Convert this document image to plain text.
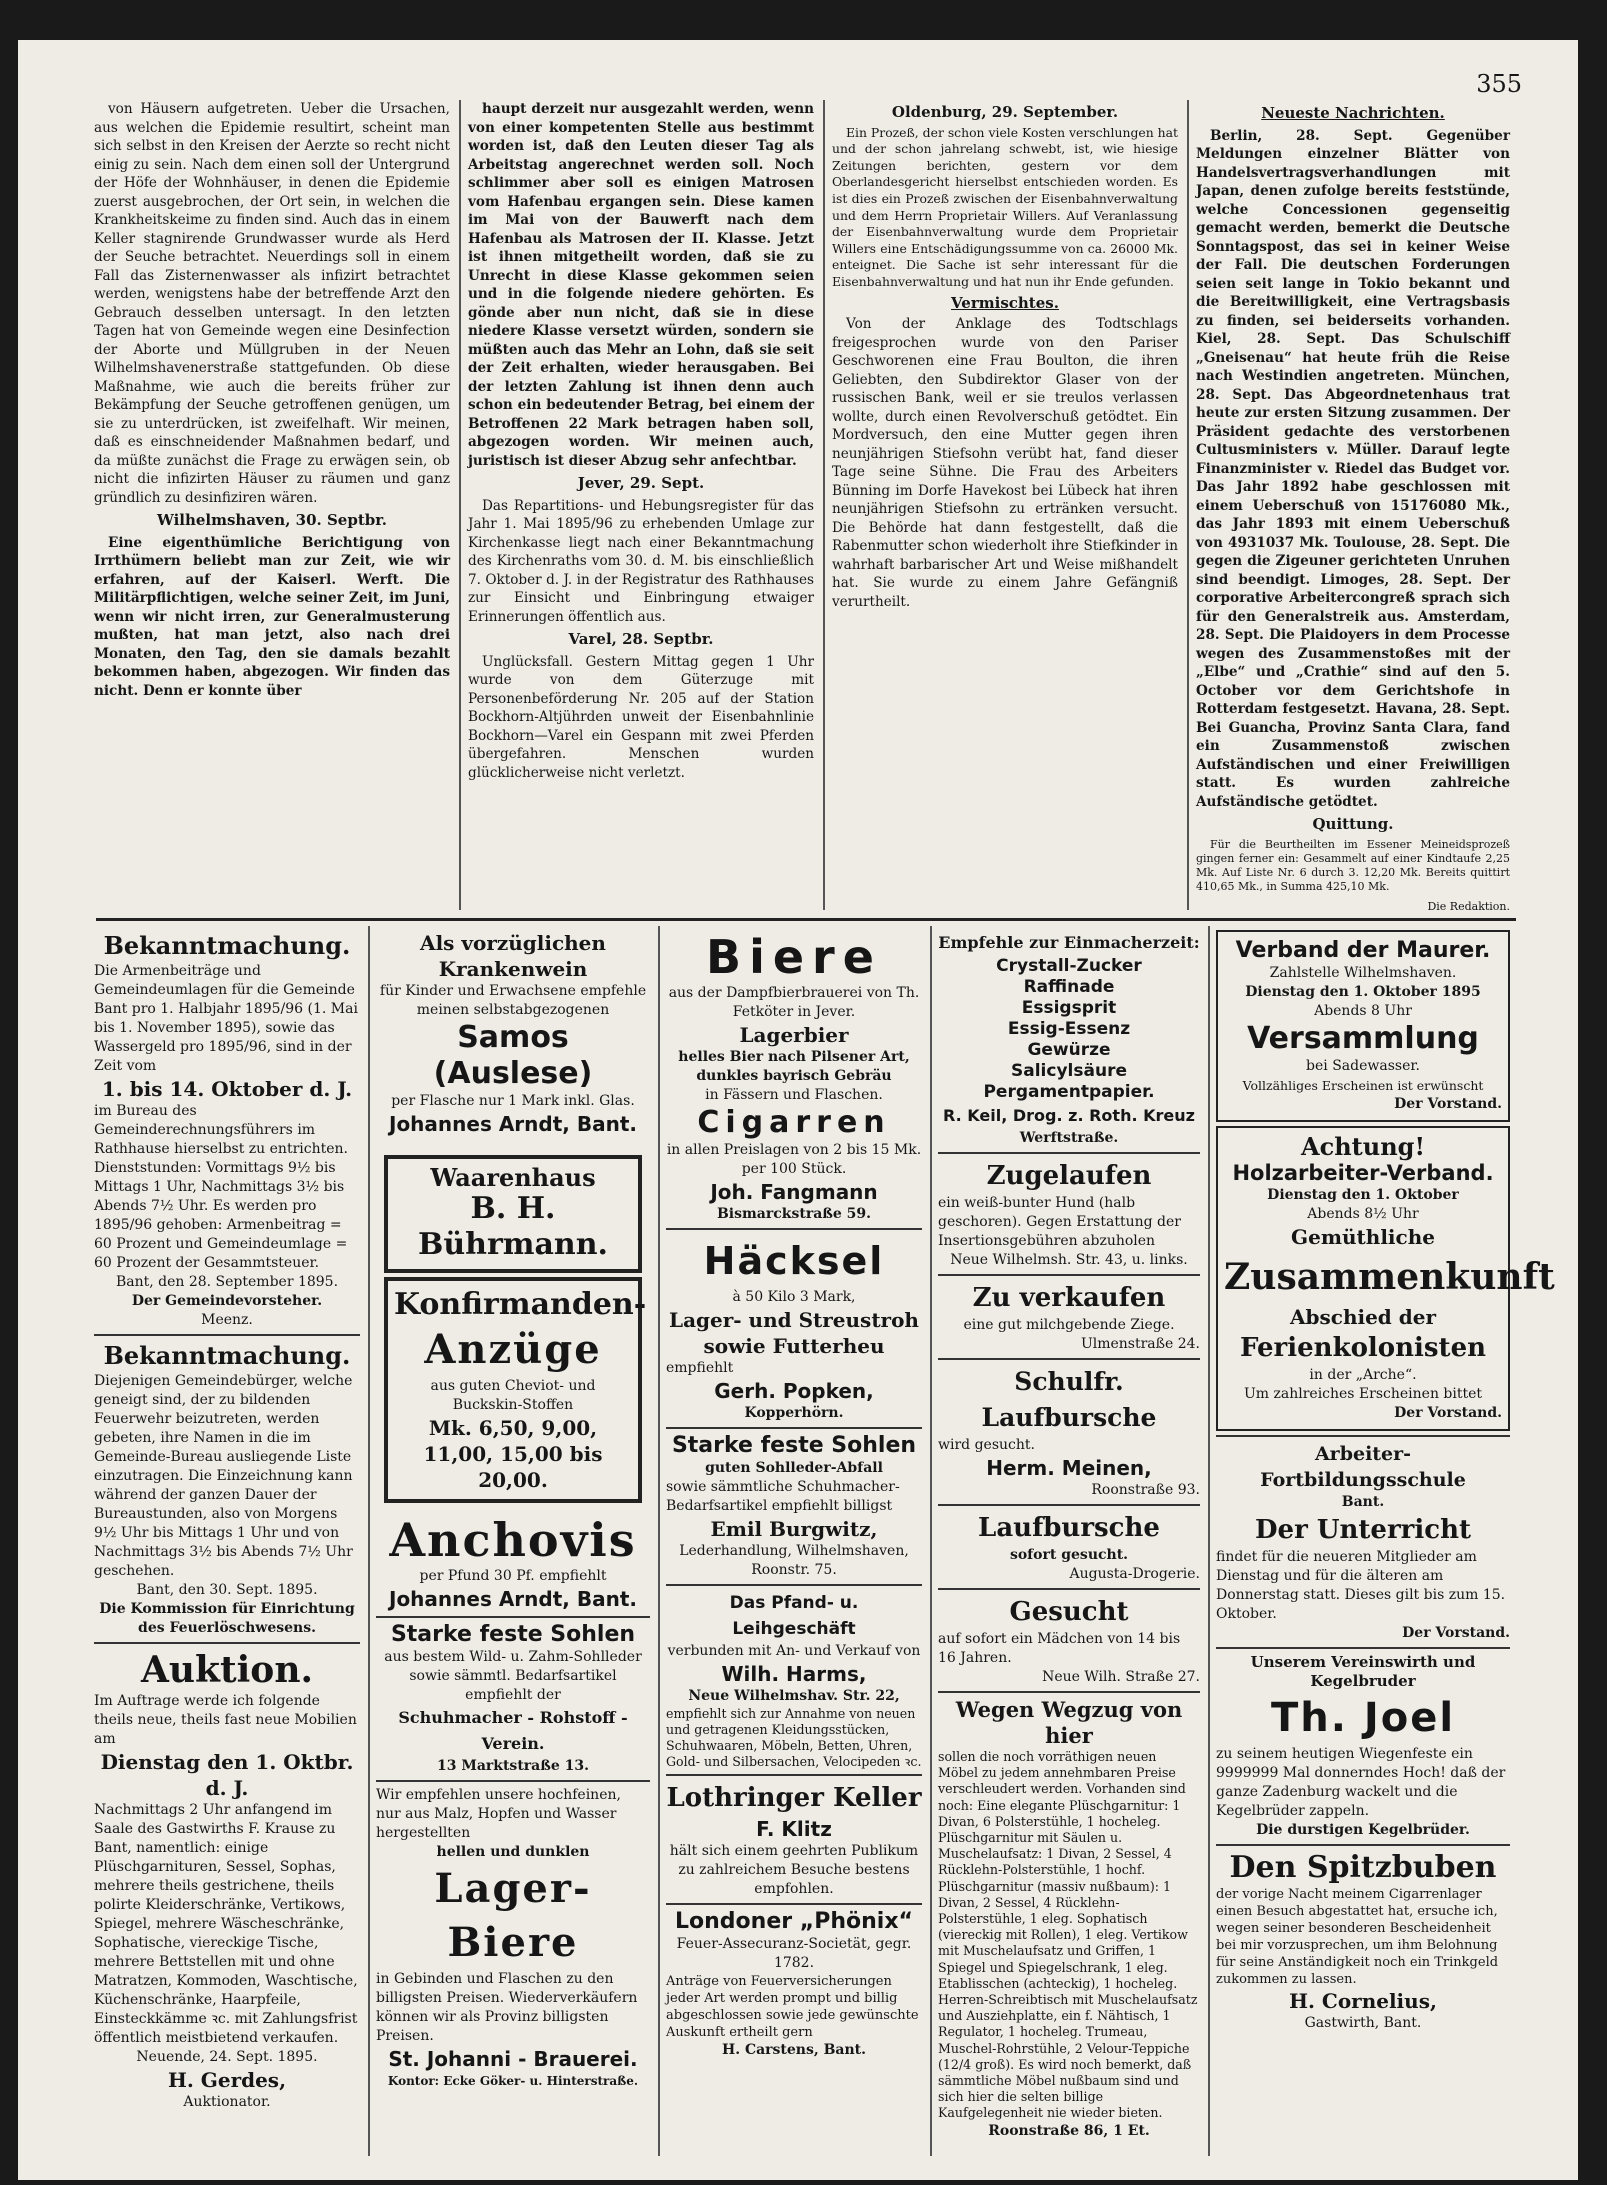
355

von Häusern aufgetreten. Ueber die Ursachen, aus welchen die Epidemie resultirt, scheint man sich selbst in den Kreisen der Aerzte so recht nicht einig zu sein. Nach dem einen soll der Untergrund der Höfe der Wohnhäuser, in denen die Epidemie zuerst ausgebrochen, der Ort sein, in welchen die Krankheitskeime zu finden sind. Auch das in einem Keller stagnirende Grundwasser wurde als Herd der Seuche betrachtet. Neuerdings soll in einem Fall das Zisternenwasser als infizirt betrachtet werden, wenigstens habe der betreffende Arzt den Gebrauch desselben untersagt. In den letzten Tagen hat von Gemeinde wegen eine Desinfection der Aborte und Müllgruben in der Neuen Wilhelmshavenerstraße stattgefunden. Ob diese Maßnahme, wie auch die bereits früher zur Bekämpfung der Seuche getroffenen genügen, um sie zu unterdrücken, ist zweifelhaft. Wir meinen, daß es einschneidender Maßnahmen bedarf, und da müßte zunächst die Frage zu erwägen sein, ob nicht die infizirten Häuser zu räumen und ganz gründlich zu desinfiziren wären.

Wilhelmshaven, 30. Septbr.

Eine eigenthümliche Berichtigung von Irrthümern beliebt man zur Zeit, wie wir erfahren, auf der Kaiserl. Werft. Die Militärpflichtigen, welche seiner Zeit, im Juni, wenn wir nicht irren, zur Generalmusterung mußten, hat man jetzt, also nach drei Monaten, den Tag, den sie damals bezahlt bekommen haben, abgezogen. Wir finden das nicht. Denn er konnte über

haupt derzeit nur ausgezahlt werden, wenn von einer kompetenten Stelle aus bestimmt worden ist, daß den Leuten dieser Tag als Arbeitstag angerechnet werden soll. Noch schlimmer aber soll es einigen Matrosen vom Hafenbau ergangen sein. Diese kamen im Mai von der Bauwerft nach dem Hafenbau als Matrosen der II. Klasse. Jetzt ist ihnen mitgetheilt worden, daß sie zu Unrecht in diese Klasse gekommen seien und in die folgende niedere gehörten. Es gönde aber nun nicht, daß sie in diese niedere Klasse versetzt würden, sondern sie müßten auch das Mehr an Lohn, daß sie seit der Zeit erhalten, wieder herausgaben. Bei der letzten Zahlung ist ihnen denn auch schon ein bedeutender Betrag, bei einem der Betroffenen 22 Mark betragen haben soll, abgezogen worden. Wir meinen auch, juristisch ist dieser Abzug sehr anfechtbar.

Jever, 29. Sept.

Das Repartitions- und Hebungsregister für das Jahr 1. Mai 1895/96 zu erhebenden Umlage zur Kirchenkasse liegt nach einer Bekanntmachung des Kirchenraths vom 30. d. M. bis einschließlich 7. Oktober d. J. in der Registratur des Rathhauses zur Einsicht und Einbringung etwaiger Erinnerungen öffentlich aus.

Varel, 28. Septbr.

Unglücksfall. Gestern Mittag gegen 1 Uhr wurde von dem Güterzuge mit Personenbeförderung Nr. 205 auf der Station Bockhorn-Altjührden unweit der Eisenbahnlinie Bockhorn—Varel ein Gespann mit zwei Pferden übergefahren. Menschen wurden glücklicherweise nicht verletzt.

Oldenburg, 29. September.

Ein Prozeß, der schon viele Kosten verschlungen hat und der schon jahrelang schwebt, ist, wie hiesige Zeitungen berichten, gestern vor dem Oberlandesgericht hierselbst entschieden worden. Es ist dies ein Prozeß zwischen der Eisenbahnverwaltung und dem Herrn Proprietair Willers. Auf Veranlassung der Eisenbahnverwaltung wurde dem Proprietair Willers eine Entschädigungssumme von ca. 26000 Mk. enteignet. Die Sache ist sehr interessant für die Eisenbahnverwaltung und hat nun ihr Ende gefunden.

Vermischtes.

Von der Anklage des Todtschlags freigesprochen wurde von den Pariser Geschworenen eine Frau Boulton, die ihren Geliebten, den Subdirektor Glaser von der russischen Bank, weil er sie treulos verlassen wollte, durch einen Revolverschuß getödtet. Ein Mordversuch, den eine Mutter gegen ihren neunjährigen Stiefsohn verübt hat, fand dieser Tage seine Sühne. Die Frau des Arbeiters Bünning im Dorfe Havekost bei Lübeck hat ihren neunjährigen Stiefsohn zu ertränken versucht. Die Behörde hat dann festgestellt, daß die Rabenmutter schon wiederholt ihre Stiefkinder in wahrhaft barbarischer Art und Weise mißhandelt hat. Sie wurde zu einem Jahre Gefängniß verurtheilt.

Neueste Nachrichten.

Berlin, 28. Sept. Gegenüber Meldungen einzelner Blätter von Handelsvertragsverhandlungen mit Japan, denen zufolge bereits feststünde, welche Concessionen gegenseitig gemacht werden, bemerkt die Deutsche Sonntagspost, das sei in keiner Weise der Fall. Die deutschen Forderungen seien seit lange in Tokio bekannt und die Bereitwilligkeit, eine Vertragsbasis zu finden, sei beiderseits vorhanden. Kiel, 28. Sept. Das Schulschiff „Gneisenau“ hat heute früh die Reise nach Westindien angetreten. München, 28. Sept. Das Abgeordnetenhaus trat heute zur ersten Sitzung zusammen. Der Präsident gedachte des verstorbenen Cultusministers v. Müller. Darauf legte Finanzminister v. Riedel das Budget vor. Das Jahr 1892 habe geschlossen mit einem Ueberschuß von 15176080 Mk., das Jahr 1893 mit einem Ueberschuß von 4931037 Mk. Toulouse, 28. Sept. Die gegen die Zigeuner gerichteten Unruhen sind beendigt. Limoges, 28. Sept. Der corporative Arbeitercongreß sprach sich für den Generalstreik aus. Amsterdam, 28. Sept. Die Plaidoyers in dem Processe wegen des Zusammenstoßes mit der „Elbe“ und „Crathie“ sind auf den 5. October vor dem Gerichtshofe in Rotterdam festgesetzt. Havana, 28. Sept. Bei Guancha, Provinz Santa Clara, fand ein Zusammenstoß zwischen Aufständischen und einer Freiwilligen statt. Es wurden zahlreiche Aufständische getödtet.

Quittung.

Für die Beurtheilten im Essener Meineidsprozeß gingen ferner ein: Gesammelt auf einer Kindtaufe 2,25 Mk. Auf Liste Nr. 6 durch 3. 12,20 Mk. Bereits quittirt 410,65 Mk., in Summa 425,10 Mk.

Die Redaktion.

Bekanntmachung.

Die Armenbeiträge und Gemeindeumlagen für die Gemeinde Bant pro 1. Halbjahr 1895/96 (1. Mai bis 1. November 1895), sowie das Wassergeld pro 1895/96, sind in der Zeit vom

1. bis 14. Oktober d. J.

im Bureau des Gemeinderechnungsführers im Rathhause hierselbst zu entrichten. Dienststunden: Vormittags 9½ bis Mittags 1 Uhr, Nachmittags 3½ bis Abends 7½ Uhr. Es werden pro 1895/96 gehoben: Armenbeitrag = 60 Prozent und Gemeindeumlage = 60 Prozent der Gesammtsteuer.

Bant, den 28. September 1895.

Der Gemeindevorsteher.

Meenz.

Bekanntmachung.

Diejenigen Gemeindebürger, welche geneigt sind, der zu bildenden Feuerwehr beizutreten, werden gebeten, ihre Namen in die im Gemeinde-Bureau ausliegende Liste einzutragen. Die Einzeichnung kann während der ganzen Dauer der Bureaustunden, also von Morgens 9½ Uhr bis Mittags 1 Uhr und von Nachmittags 3½ bis Abends 7½ Uhr geschehen.

Bant, den 30. Sept. 1895.

Die Kommission für Einrichtung des Feuerlöschwesens.

Auktion.

Im Auftrage werde ich folgende theils neue, theils fast neue Mobilien am

Dienstag den 1. Oktbr. d. J.

Nachmittags 2 Uhr anfangend im Saale des Gastwirths F. Krause zu Bant, namentlich: einige Plüschgarnituren, Sessel, Sophas, mehrere theils gestrichene, theils polirte Kleiderschränke, Vertikows, Spiegel, mehrere Wäscheschränke, Sophatische, viereckige Tische, mehrere Bettstellen mit und ohne Matratzen, Kommoden, Waschtische, Küchenschränke, Haarpfeile, Einsteckkämme ꝛc. mit Zahlungsfrist öffentlich meistbietend verkaufen.

Neuende, 24. Sept. 1895.

H. Gerdes,

Auktionator.

Als vorzüglichen Krankenwein

für Kinder und Erwachsene empfehle meinen selbstabgezogenen

Samos (Auslese)

per Flasche nur 1 Mark inkl. Glas.

Johannes Arndt, Bant.

Waarenhaus

B. H. Bührmann.

Konfirmanden-

Anzüge

aus guten Cheviot- und Buckskin-Stoffen

Mk. 6,50, 9,00, 11,00, 15,00 bis 20,00.

Anchovis

per Pfund 30 Pf. empfiehlt

Johannes Arndt, Bant.

Starke feste Sohlen

aus bestem Wild- u. Zahm-Sohlleder sowie sämmtl. Bedarfsartikel

empfiehlt der

Schuhmacher - Rohstoff - Verein.

13 Marktstraße 13.

Wir empfehlen unsere hochfeinen, nur aus Malz, Hopfen und Wasser hergestellten

hellen und dunklen

Lager-Biere

in Gebinden und Flaschen zu den billigsten Preisen. Wiederverkäufern können wir als Provinz billigsten Preisen.

St. Johanni - Brauerei.

Kontor: Ecke Göker- u. Hinterstraße.

Biere

aus der Dampfbierbrauerei von Th. Fetköter in Jever.

Lagerbier

helles Bier nach Pilsener Art, dunkles bayrisch Gebräu

in Fässern und Flaschen.

Cigarren

in allen Preislagen von 2 bis 15 Mk. per 100 Stück.

Joh. Fangmann

Bismarckstraße 59.

Häcksel

à 50 Kilo 3 Mark,

Lager- und Streustroh sowie Futterheu

empfiehlt

Gerh. Popken,

Kopperhörn.

Starke feste Sohlen

guten Sohlleder-Abfall

sowie sämmtliche Schuhmacher-Bedarfsartikel empfiehlt billigst

Emil Burgwitz,

Lederhandlung, Wilhelmshaven, Roonstr. 75.

Das Pfand- u. Leihgeschäft

verbunden mit An- und Verkauf von

Wilh. Harms,

Neue Wilhelmshav. Str. 22,

empfiehlt sich zur Annahme von neuen und getragenen Kleidungsstücken, Schuhwaaren, Möbeln, Betten, Uhren, Gold- und Silbersachen, Velocipeden ꝛc.

Lothringer Keller

F. Klitz

hält sich einem geehrten Publikum zu zahlreichem Besuche bestens empfohlen.

Londoner „Phönix“

Feuer-Assecuranz-Societät, gegr. 1782.

Anträge von Feuerversicherungen jeder Art werden prompt und billig abgeschlossen sowie jede gewünschte Auskunft ertheilt gern

H. Carstens, Bant.

Empfehle zur Einmacherzeit:

Crystall-Zucker

Raffinade

Essigsprit

Essig-Essenz

Gewürze

Salicylsäure

Pergamentpapier.

R. Keil, Drog. z. Roth. Kreuz

Werftstraße.

Zugelaufen

ein weiß-bunter Hund (halb geschoren). Gegen Erstattung der Insertionsgebühren abzuholen

Neue Wilhelmsh. Str. 43, u. links.

Zu verkaufen

eine gut milchgebende Ziege.

Ulmenstraße 24.

Schulfr. Laufbursche

wird gesucht.

Herm. Meinen,

Roonstraße 93.

Laufbursche

sofort gesucht.

Augusta-Drogerie.

Gesucht

auf sofort ein Mädchen von 14 bis 16 Jahren.

Neue Wilh. Straße 27.

Wegen Wegzug von hier

sollen die noch vorräthigen neuen Möbel zu jedem annehmbaren Preise verschleudert werden. Vorhanden sind noch: Eine elegante Plüschgarnitur: 1 Divan, 6 Polsterstühle, 1 hocheleg. Plüschgarnitur mit Säulen u. Muschelaufsatz: 1 Divan, 2 Sessel, 4 Rücklehn-Polsterstühle, 1 hochf. Plüschgarnitur (massiv nußbaum): 1 Divan, 2 Sessel, 4 Rücklehn-Polsterstühle, 1 eleg. Sophatisch (viereckig mit Rollen), 1 eleg. Vertikow mit Muschelaufsatz und Griffen, 1 Spiegel und Spiegelschrank, 1 eleg. Etablisschen (achteckig), 1 hocheleg. Herren-Schreibtisch mit Muschelaufsatz und Ausziehplatte, ein f. Nähtisch, 1 Regulator, 1 hocheleg. Trumeau, Muschel-Rohrstühle, 2 Velour-Teppiche (12/4 groß). Es wird noch bemerkt, daß sämmtliche Möbel nußbaum sind und sich hier die selten billige Kaufgelegenheit nie wieder bieten.

Roonstraße 86, 1 Et.

Verband der Maurer.

Zahlstelle Wilhelmshaven.

Dienstag den 1. Oktober 1895

Abends 8 Uhr

Versammlung

bei Sadewasser.

Vollzähliges Erscheinen ist erwünscht

Der Vorstand.

Achtung!

Holzarbeiter-Verband.

Dienstag den 1. Oktober

Abends 8½ Uhr

Gemüthliche

Zusammenkunft

Abschied der

Ferienkolonisten

in der „Arche“.

Um zahlreiches Erscheinen bittet

Der Vorstand.

Arbeiter-Fortbildungsschule

Bant.

Der Unterricht

findet für die neueren Mitglieder am Dienstag und für die älteren am Donnerstag statt. Dieses gilt bis zum 15. Oktober.

Der Vorstand.

Unserem Vereinswirth und Kegelbruder

Th. Joel

zu seinem heutigen Wiegenfeste ein 9999999 Mal donnerndes Hoch! daß der ganze Zadenburg wackelt und die Kegelbrüder zappeln.

Die durstigen Kegelbrüder.

Den Spitzbuben

der vorige Nacht meinem Cigarrenlager einen Besuch abgestattet hat, ersuche ich, wegen seiner besonderen Bescheidenheit bei mir vorzusprechen, um ihm Belohnung für seine Anständigkeit noch ein Trinkgeld zukommen zu lassen.

H. Cornelius,

Gastwirth, Bant.
